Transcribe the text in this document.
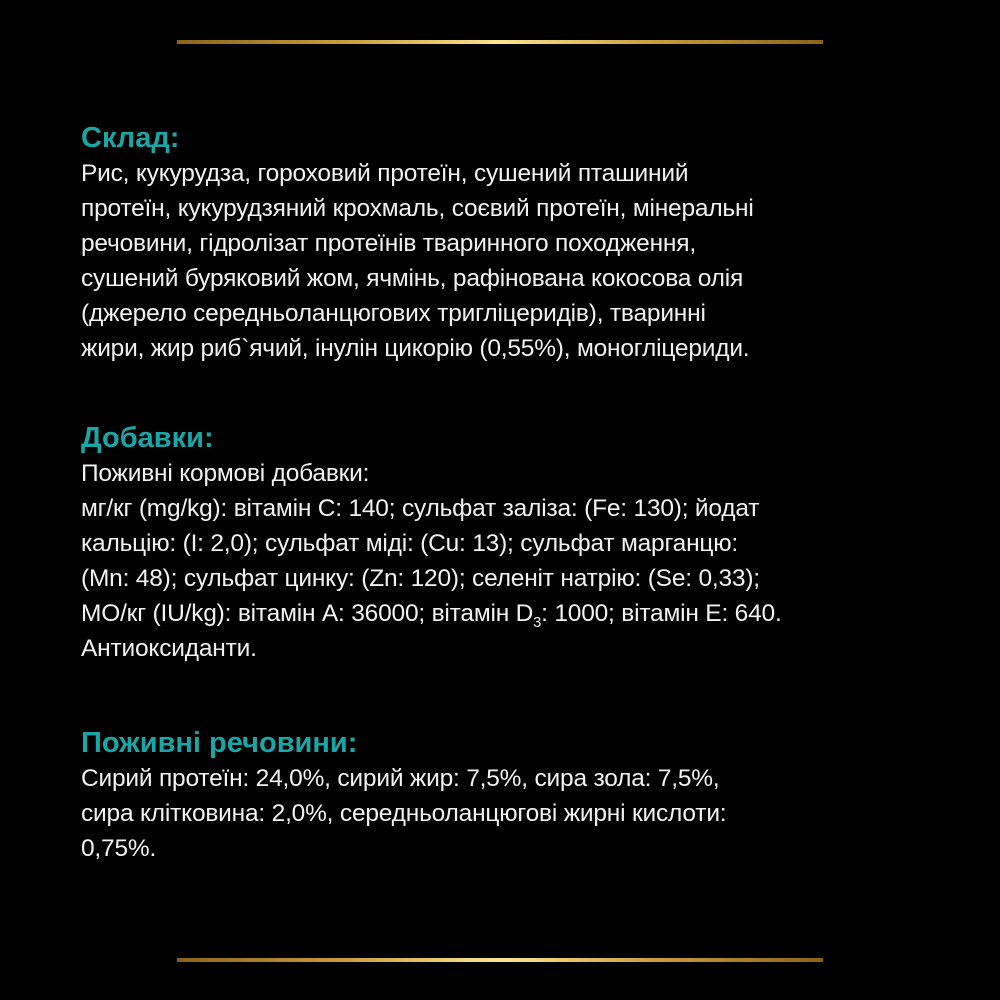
Склад:

Рис, кукурудза, гороховий протеїн, сушений пташиний

протеїн, кукурудзяний крохмаль, соєвий протеїн, мінеральні

речовини, гідролізат протеїнів тваринного походження,

сушений буряковий жом, ячмінь, рафінована кокосова олія

(джерело середньоланцюгових тригліцеридів), тваринні

жири, жир риб`ячий, інулін цикорію (0,55%), моногліцериди.

Добавки:

Поживні кормові добавки:

мг/кг (mg/kg): вітамін С: 140; сульфат заліза: (Fe: 130); йодат

кальцію: (I: 2,0); сульфат міді: (Cu: 13); сульфат марганцю:

(Mn: 48); сульфат цинку: (Zn: 120); селеніт натрію: (Se: 0,33);

МО/кг (IU/kg): вітамін А: 36000; вітамін $D_3$: 1000; вітамін Е: 640.

Антиоксиданти.

Поживні речовини:

Сирий протеїн: 24,0%, сирий жир: 7,5%, сира зола: 7,5%,

сира клітковина: 2,0%, середньоланцюгові жирні кислоти:

0,75%.
